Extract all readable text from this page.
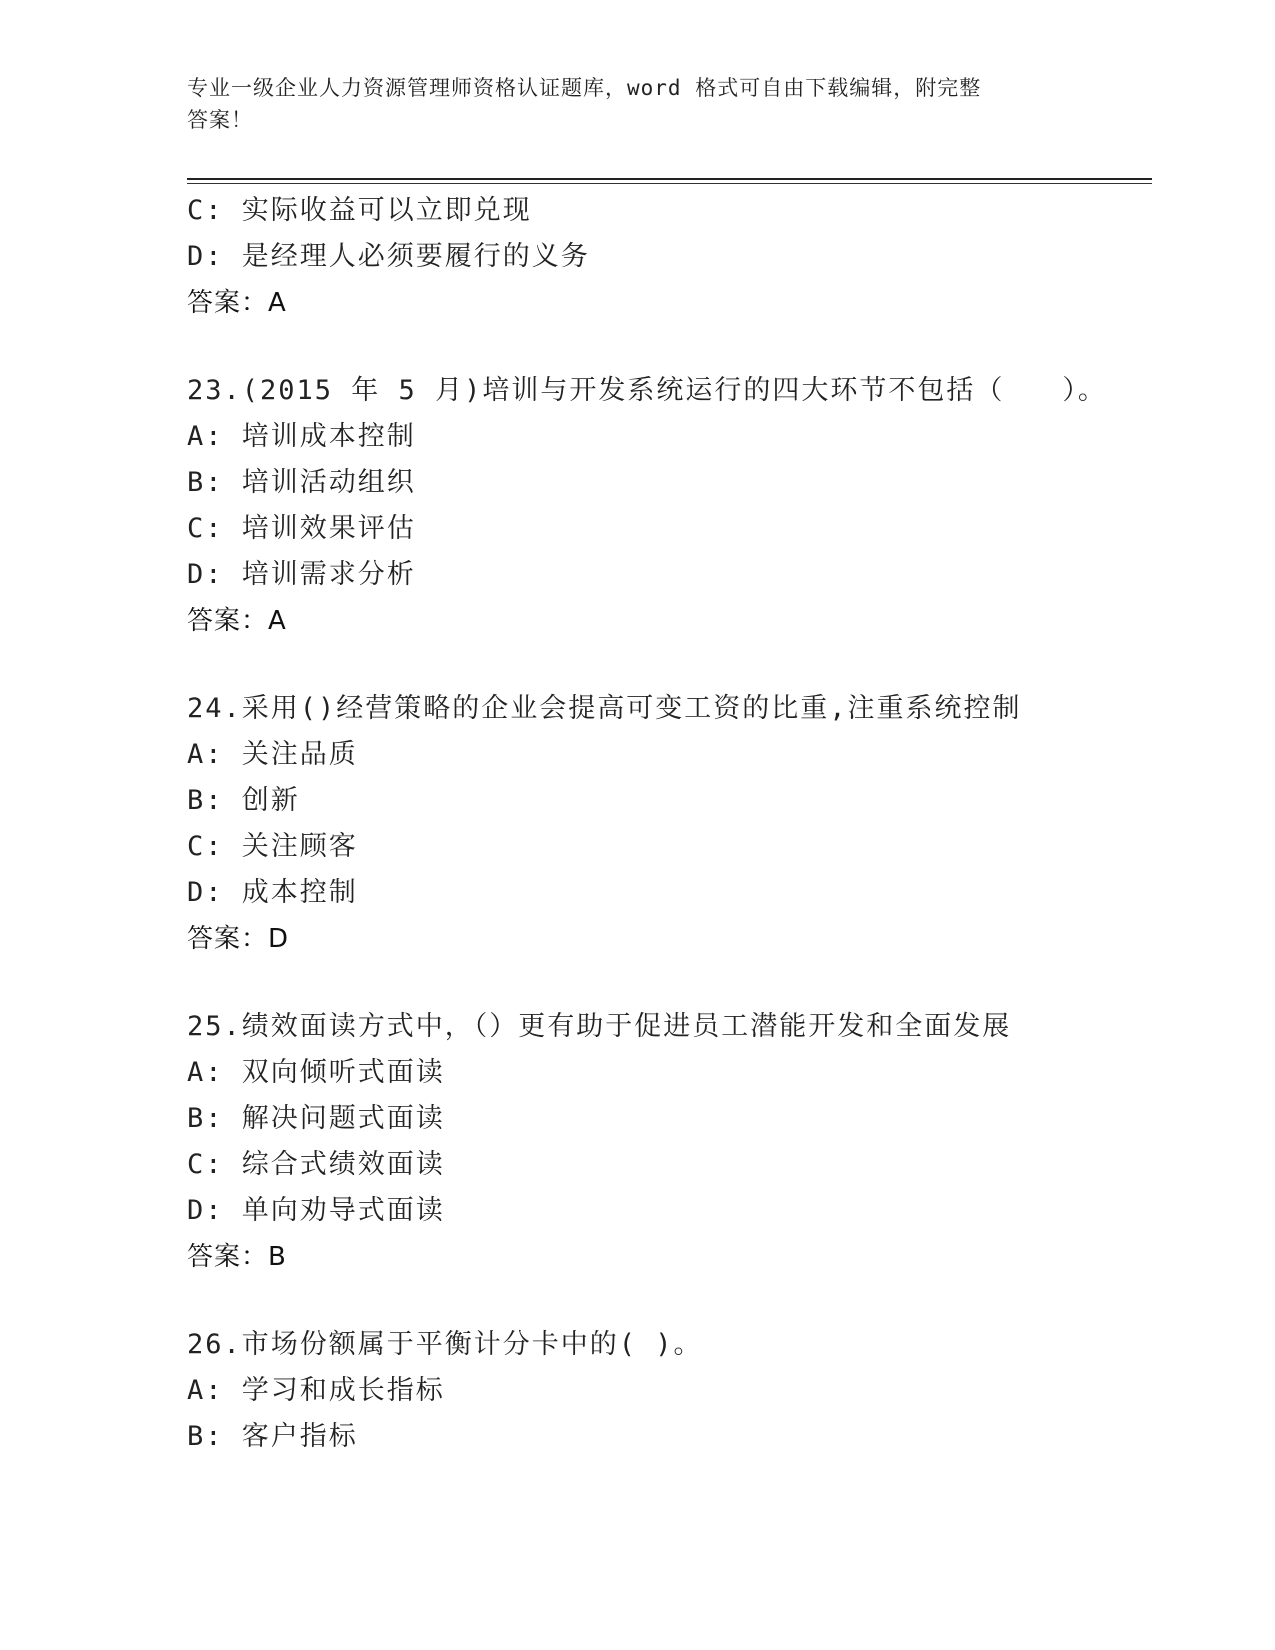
专业一级企业人力资源管理师资格认证题库，word 格式可自由下载编辑，附完整
答案！
C: 实际收益可以立即兑现
D: 是经理人必须要履行的义务
答案：A
23.(2015 年 5 月)培训与开发系统运行的四大环节不包括（　　）。
A: 培训成本控制
B: 培训活动组织
C: 培训效果评估
D: 培训需求分析
答案：A
24.采用()经营策略的企业会提高可变工资的比重,注重系统控制
A: 关注品质
B: 创新
C: 关注顾客
D: 成本控制
答案：D
25.绩效面读方式中，（）更有助于促进员工潜能开发和全面发展
A: 双向倾听式面读
B: 解决问题式面读
C: 综合式绩效面读
D: 单向劝导式面读
答案：B
26.市场份额属于平衡计分卡中的( )。
A: 学习和成长指标
B: 客户指标
